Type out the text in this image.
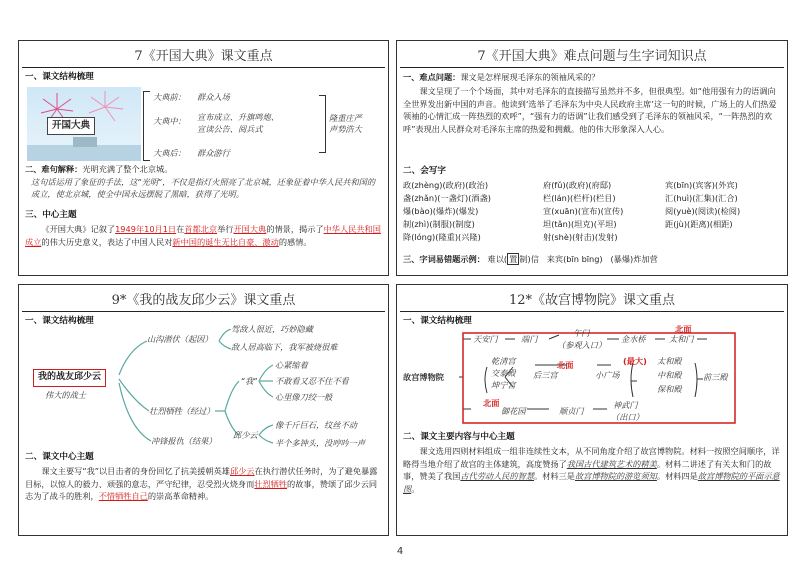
7《开国大典》课文重点
一、课文结构梳理
开国大典
大典前： 群众入场
大典中： 宣布成立、升旗鸣炮、
宣读公告、阅兵式
大典后： 群众游行
隆重庄严
声势浩大
二、难句解释：光明充满了整个北京城。
这句话运用了象征的手法，这“光明”，不仅是指灯火照亮了北京城，还象征着中华人民共和国的成立，使北京城，使全中国永远摆脱了黑暗，获得了光明。
三、中心主题
《开国大典》记叙了1949年10月1日在首都北京举行开国大典的情景，揭示了中华人民共和国成立的伟大历史意义，表达了中国人民对新中国的诞生无比自豪、激动的感情。
7《开国大典》难点问题与生字词知识点
一、难点问题：课文是怎样展现毛泽东的领袖风采的？
课文呈现了一个个场面，其中对毛泽东的直接描写虽然并不多，但很典型。如“他用强有力的语调向全世界发出新中国的声音。他读到‘选举了毛泽东为中央人民政府主席’这一句的时候，广场上的人们热爱领袖的心情汇成一阵热烈的欢呼”，“强有力的语调”让我们感受到了毛泽东的领袖风采，“一阵热烈的欢呼”表现出人民群众对毛泽东主席的热爱和拥戴。他的伟大形象深入人心。
二、会写字
政(zhèng)(政府)(政治)	府(fǔ)(政府)(府邸)	宾(bīn)(宾客)(外宾)
盏(zhǎn)(一盏灯)(酒盏)	栏(lán)(栏杆)(栏目)	汇(huì)(汇集)(汇合)
爆(bào)(爆炸)(爆发)	宣(xuān)(宣布)(宣传)	阅(yuè)(阅读)(检阅)
制(zhì)(制服)(制度)	坦(tǎn)(坦克)(平坦)	距(jù)(距离)(相距)
降(lóng)(隆重)(兴隆)	射(shè)(射击)(发射)
三、字词易错题示例： 难以( 置 制)信 来宾(bīn bīng) (暴爆)炸加营
9*《我的战友邱少云》课文重点
一、课文结构梳理
我的战友邱少云
伟大的战士
山沟潜伏（起因）
驾敌人很近，巧妙隐藏
敌人居高临下，我军被烧很难
壮烈牺牲（经过）
“我”
心紧缩着
不敢看又忍不住不看
心里像刀绞一般
邱少云
像千斤巨石，纹丝不动
半个多钟头，没哼吟一声
冲锋报仇（结果）
二、课文中心主题
课文主要写“我”以目击者的身份回忆了抗美援朝英雄邱少云在执行潜伏任务时，为了避免暴露目标，以惊人的毅力、顽强的意志，严守纪律，忍受烈火烧身而壮烈牺牲的故事，赞颂了邱少云同志为了战斗的胜利，不惜牺牲自己的崇高革命精神。
12*《故宫博物院》课文重点
一、课文结构梳理
故宫博物院
天安门	端门
午门
（参观入口）
金水桥	太和门
北面
北面
北面
乾清宫
交泰殿
坤宁宫
后三宫	小广场
(最大) 太和殿
中和殿
保和殿
前三殿
御花园	顺贞门
神武门
（出口）
二、课文主要内容与中心主题
课文选用四则材料组成一组非连续性文本，从不同角度介绍了故宫博物院。材料一按照空间顺序，详略得当地介绍了故宫的主体建筑，高度赞扬了我国古代建筑艺术的精美。材料二讲述了有关太和门的故事，赞美了我国古代劳动人民的智慧。材料三是故宫博物院的游览须知。材料四是故宫博物院的平面示意图。
4
